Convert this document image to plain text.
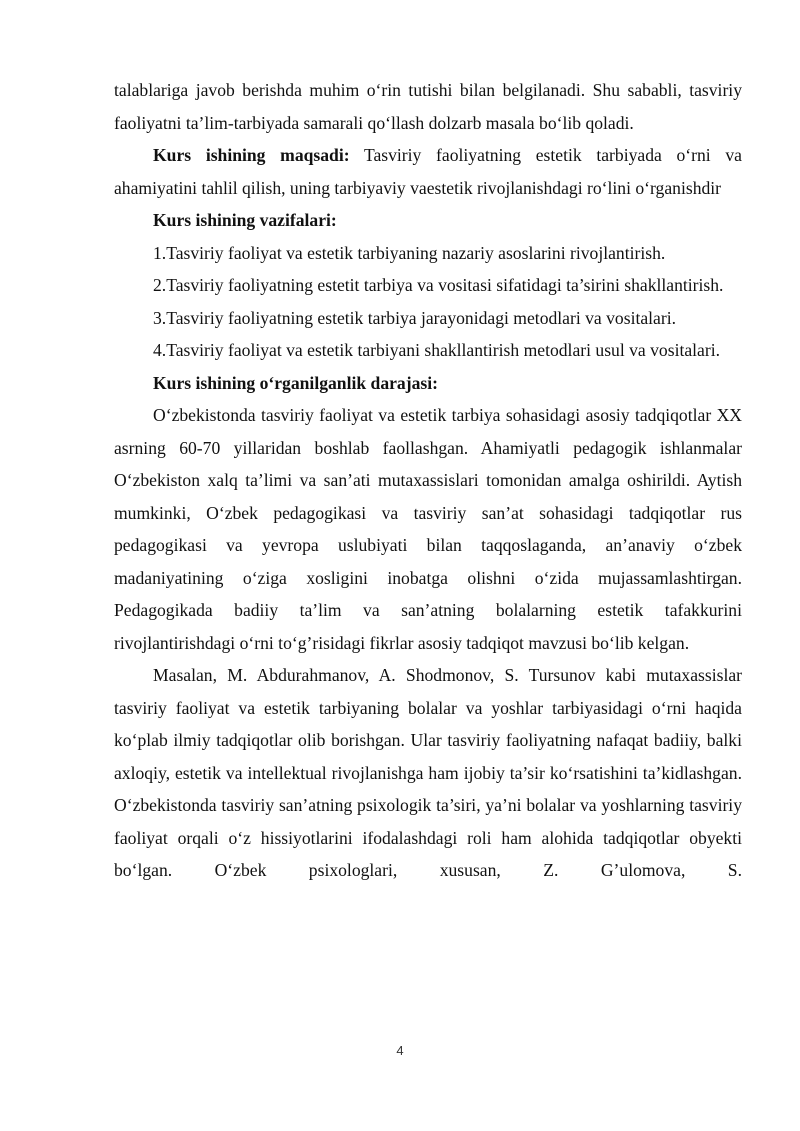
talablariga javob berishda muhim o‘rin tutishi bilan belgilanadi. Shu sababli, tasviriy faoliyatni ta’lim-tarbiyada samarali qo‘llash dolzarb masala bo‘lib qoladi.

Kurs ishining maqsadi: Tasviriy faoliyatning estetik tarbiyada o‘rni va ahamiyatini tahlil qilish, uning tarbiyaviy vaestetik rivojlanishdagi ro‘lini o‘rganishdir

Kurs ishining vazifalari:

1.Tasviriy faoliyat va estetik tarbiyaning nazariy asoslarini rivojlantirish.

2.Tasviriy faoliyatning estetit tarbiya va vositasi sifatidagi ta’sirini shakllantirish.

3.Tasviriy faoliyatning estetik tarbiya jarayonidagi metodlari va vositalari.

4.Tasviriy faoliyat va estetik tarbiyani shakllantirish metodlari usul va vositalari.

Kurs ishining o‘rganilganlik darajasi:

O‘zbekistonda tasviriy faoliyat va estetik tarbiya sohasidagi asosiy tadqiqotlar XX asrning 60-70 yillaridan boshlab faollashgan. Ahamiyatli pedagogik ishlanmalar O‘zbekiston xalq ta’limi va san’ati mutaxassislari tomonidan amalga oshirildi. Aytish mumkinki, O‘zbek pedagogikasi va tasviriy san’at sohasidagi tadqiqotlar rus pedagogikasi va yevropa uslubiyati bilan taqqoslaganda, an’anaviy o‘zbek madaniyatining o‘ziga xosligini inobatga olishni o‘zida mujassamlashtirgan. Pedagogikada badiiy ta’lim va san’atning bolalarning estetik tafakkurini rivojlantirishdagi o‘rni to‘g’risidagi fikrlar asosiy tadqiqot mavzusi bo‘lib kelgan.

Masalan, M. Abdurahmanov, A. Shodmonov, S. Tursunov kabi mutaxassislar tasviriy faoliyat va estetik tarbiyaning bolalar va yoshlar tarbiyasidagi o‘rni haqida ko‘plab ilmiy tadqiqotlar olib borishgan. Ular tasviriy faoliyatning nafaqat badiiy, balki axloqiy, estetik va intellektual rivojlanishga ham ijobiy ta’sir ko‘rsatishini ta’kidlashgan. O‘zbekistonda tasviriy san’atning psixologik ta’siri, ya’ni bolalar va yoshlarning tasviriy faoliyat orqali o‘z hissiyotlarini ifodalashdagi roli ham alohida tadqiqotlar obyekti bo‘lgan. O‘zbek psixologlari, xususan, Z. G’ulomova, S.

4
